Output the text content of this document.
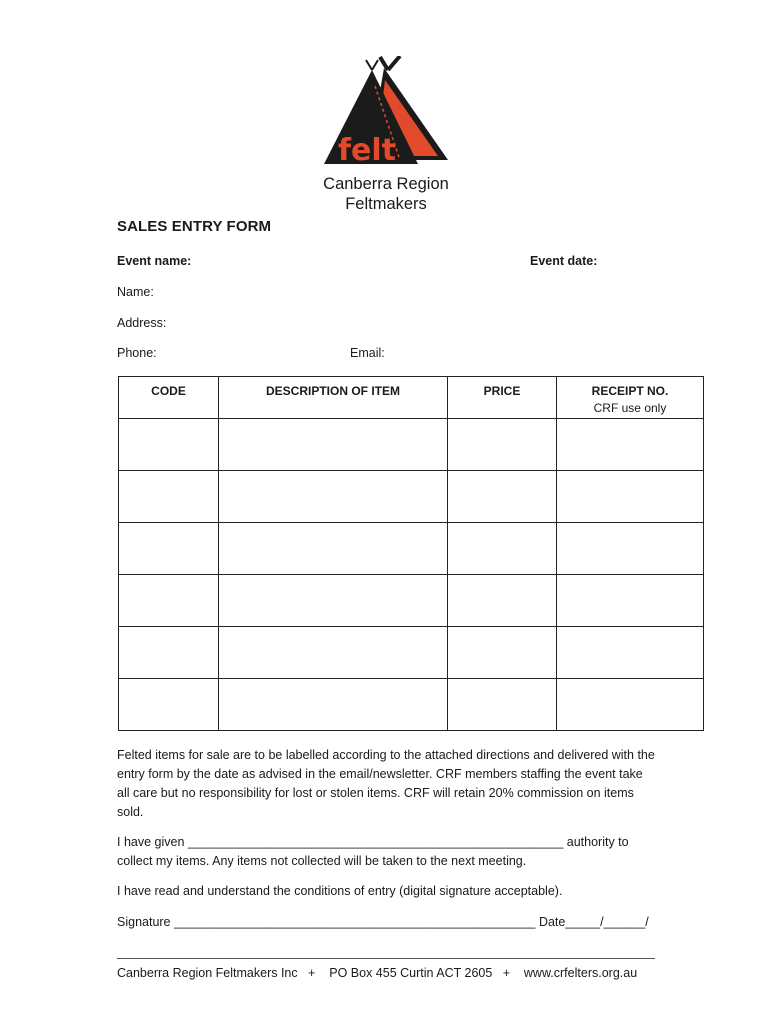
felt
Canberra Region
Feltmakers
SALES ENTRY FORM
Event name:	Event date:
Name:
Address:
Phone:	Email:
CODE	DESCRIPTION OF ITEM	PRICE	RECEIPT NO.
CRF use only

Felted items for sale are to be labelled according to the attached directions and delivered with the entry form by the date as advised in the email/newsletter. CRF members staffing the event take all care but no responsibility for lost or stolen items. CRF will retain 20% commission on items sold.
I have given ______________________________________________________ authority to collect my items. Any items not collected will be taken to the next meeting.
I have read and understand the conditions of entry (digital signature acceptable).
Signature ____________________________________________________ Date_____/______/
Canberra Region Feltmakers Inc   +    PO Box 455 Curtin ACT 2605   +    www.crfelters.org.au
